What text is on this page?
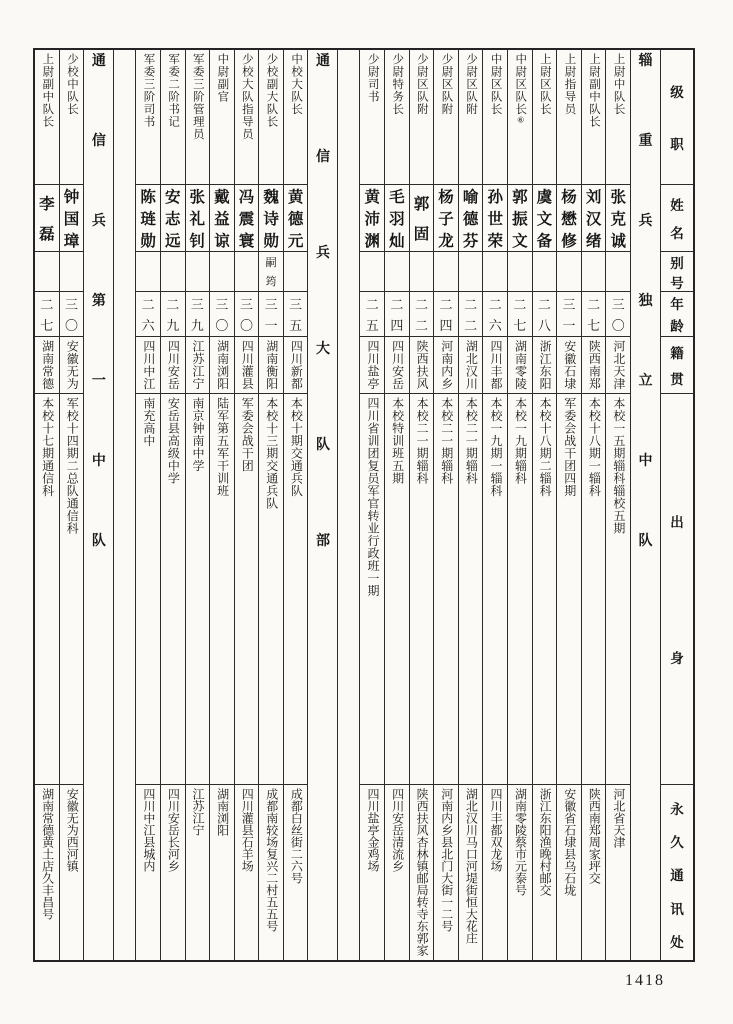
级
职
姓
名
别
号
年
龄
籍
贯
出
身
永
久
通
讯
处
辎
重
兵
独
立
中
队
上尉中队长
张
克
诚
三
〇
河北天津
本校一五期辎科辎校五期
河北省天津
上尉副中队长
刘
汉
绪
二
七
陕西南郑
本校十八期一辎科
陕西南郑周家坪交
上尉指导员
杨
懋
修
三
一
安徽石埭
军委会战干团四期
安徽省石埭县乌石垅
上尉区队长
虞
文
备
二
八
浙江东阳
本校十八期二辎科
浙江东阳渔晚村邮交
中尉区队长⑥
郭
振
文
二
七
湖南零陵
本校一九期辎科
湖南零陵蔡市元泰号
中尉区队长
孙
世
荣
二
六
四川丰都
本校一九期一辎科
四川丰都双龙场
少尉区队附
喻
德
芬
二
二
湖北汉川
本校二一期辎科
湖北汉川马口河堤街恒大花庄
少尉区队附
杨
子
龙
二
四
河南内乡
本校二一期辎科
河南内乡县北门大街一二号
少尉区队附
郭
固
二
二
陕西扶风
本校二一期辎科
陕西扶风杏林镇邮局转寺东郭家
少尉特务长
毛
羽
灿
二
四
四川安岳
本校特训班五期
四川安岳清流乡
少尉司书
黄
沛
渊
二
五
四川盐亭
四川省训团复员军官转业行政班一期
四川盐亭金鸡场
通
信
兵
大
队
部
中校大队长
黄
德
元
三
五
四川新都
本校十期交通兵队
成都白丝街二六号
少校副大队长
魏
诗
勋
嗣
筠
三
一
湖南衡阳
本校十三期交通兵队
成都南较场复兴二村五五号
少校大队指导员
冯
震
寰
三
〇
四川灌县
军委会战干团
四川灌县石羊场
中尉副官
戴
益
谅
三
〇
湖南浏阳
陆军第五军干训班
湖南浏阳
军委三阶管理员
张
礼
钊
三
九
江苏江宁
南京钟南中学
江苏江宁
军委二阶书记
安
志
远
二
九
四川安岳
安岳县高级中学
四川安岳长河乡
军委三阶司书
陈
琏
勋
二
六
四川中江
南充高中
四川中江县城内
通
信
兵
第
一
中
队
少校中队长
钟
国
璋
三
〇
安徽无为
军校十四期二总队通信科
安徽无为西河镇
上尉副中队长
李
磊
二
七
湖南常德
本校十七期通信科
湖南常德黄土店久丰昌号
1418
